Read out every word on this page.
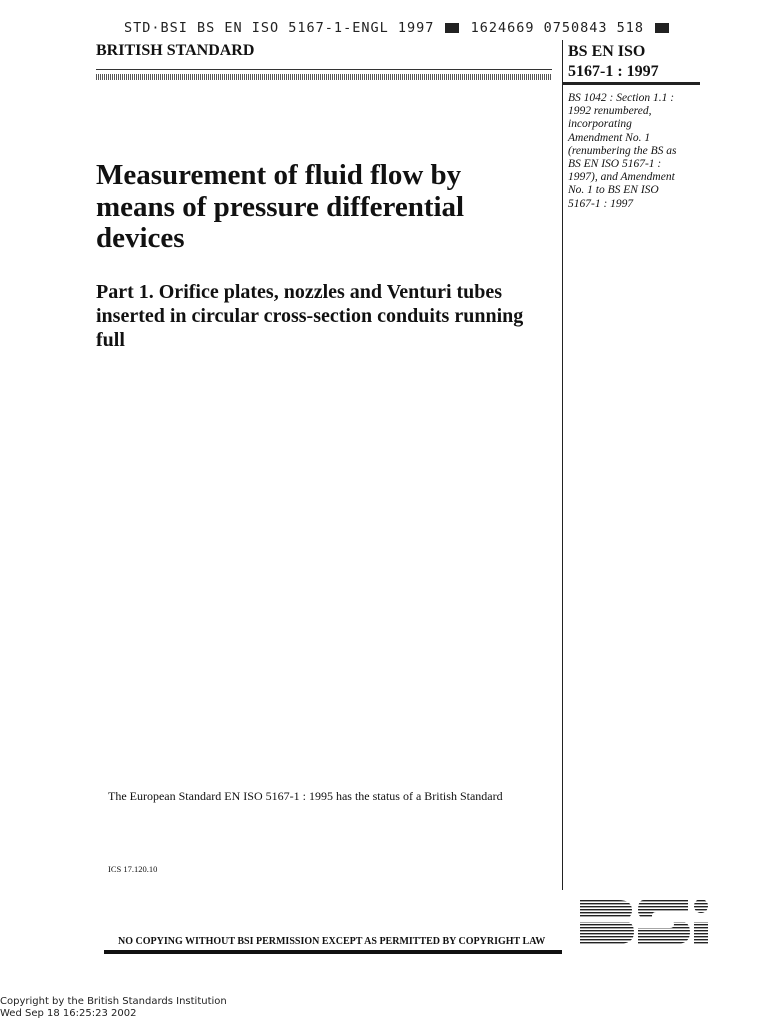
STD·BSI BS EN ISO 5167-1-ENGL 1997	1624669 0750843 518
BRITISH STANDARD	BS EN ISO
5167-1 : 1997
BS 1042 : Section 1.1 :
1992 renumbered,
incorporating
Amendment No. 1
(renumbering the BS as
BS EN ISO 5167-1 :
1997), and Amendment
No. 1 to BS EN ISO
5167-1 : 1997
Measurement of fluid flow by means of pressure differential devices
Part 1. Orifice plates, nozzles and Venturi tubes inserted in circular cross-section conduits running full
The European Standard EN ISO 5167-1 : 1995 has the status of a British Standard
ICS 17.120.10
NO COPYING WITHOUT BSI PERMISSION EXCEPT AS PERMITTED BY COPYRIGHT LAW
Copyright by the British Standards Institution
Wed Sep 18 16:25:23 2002
